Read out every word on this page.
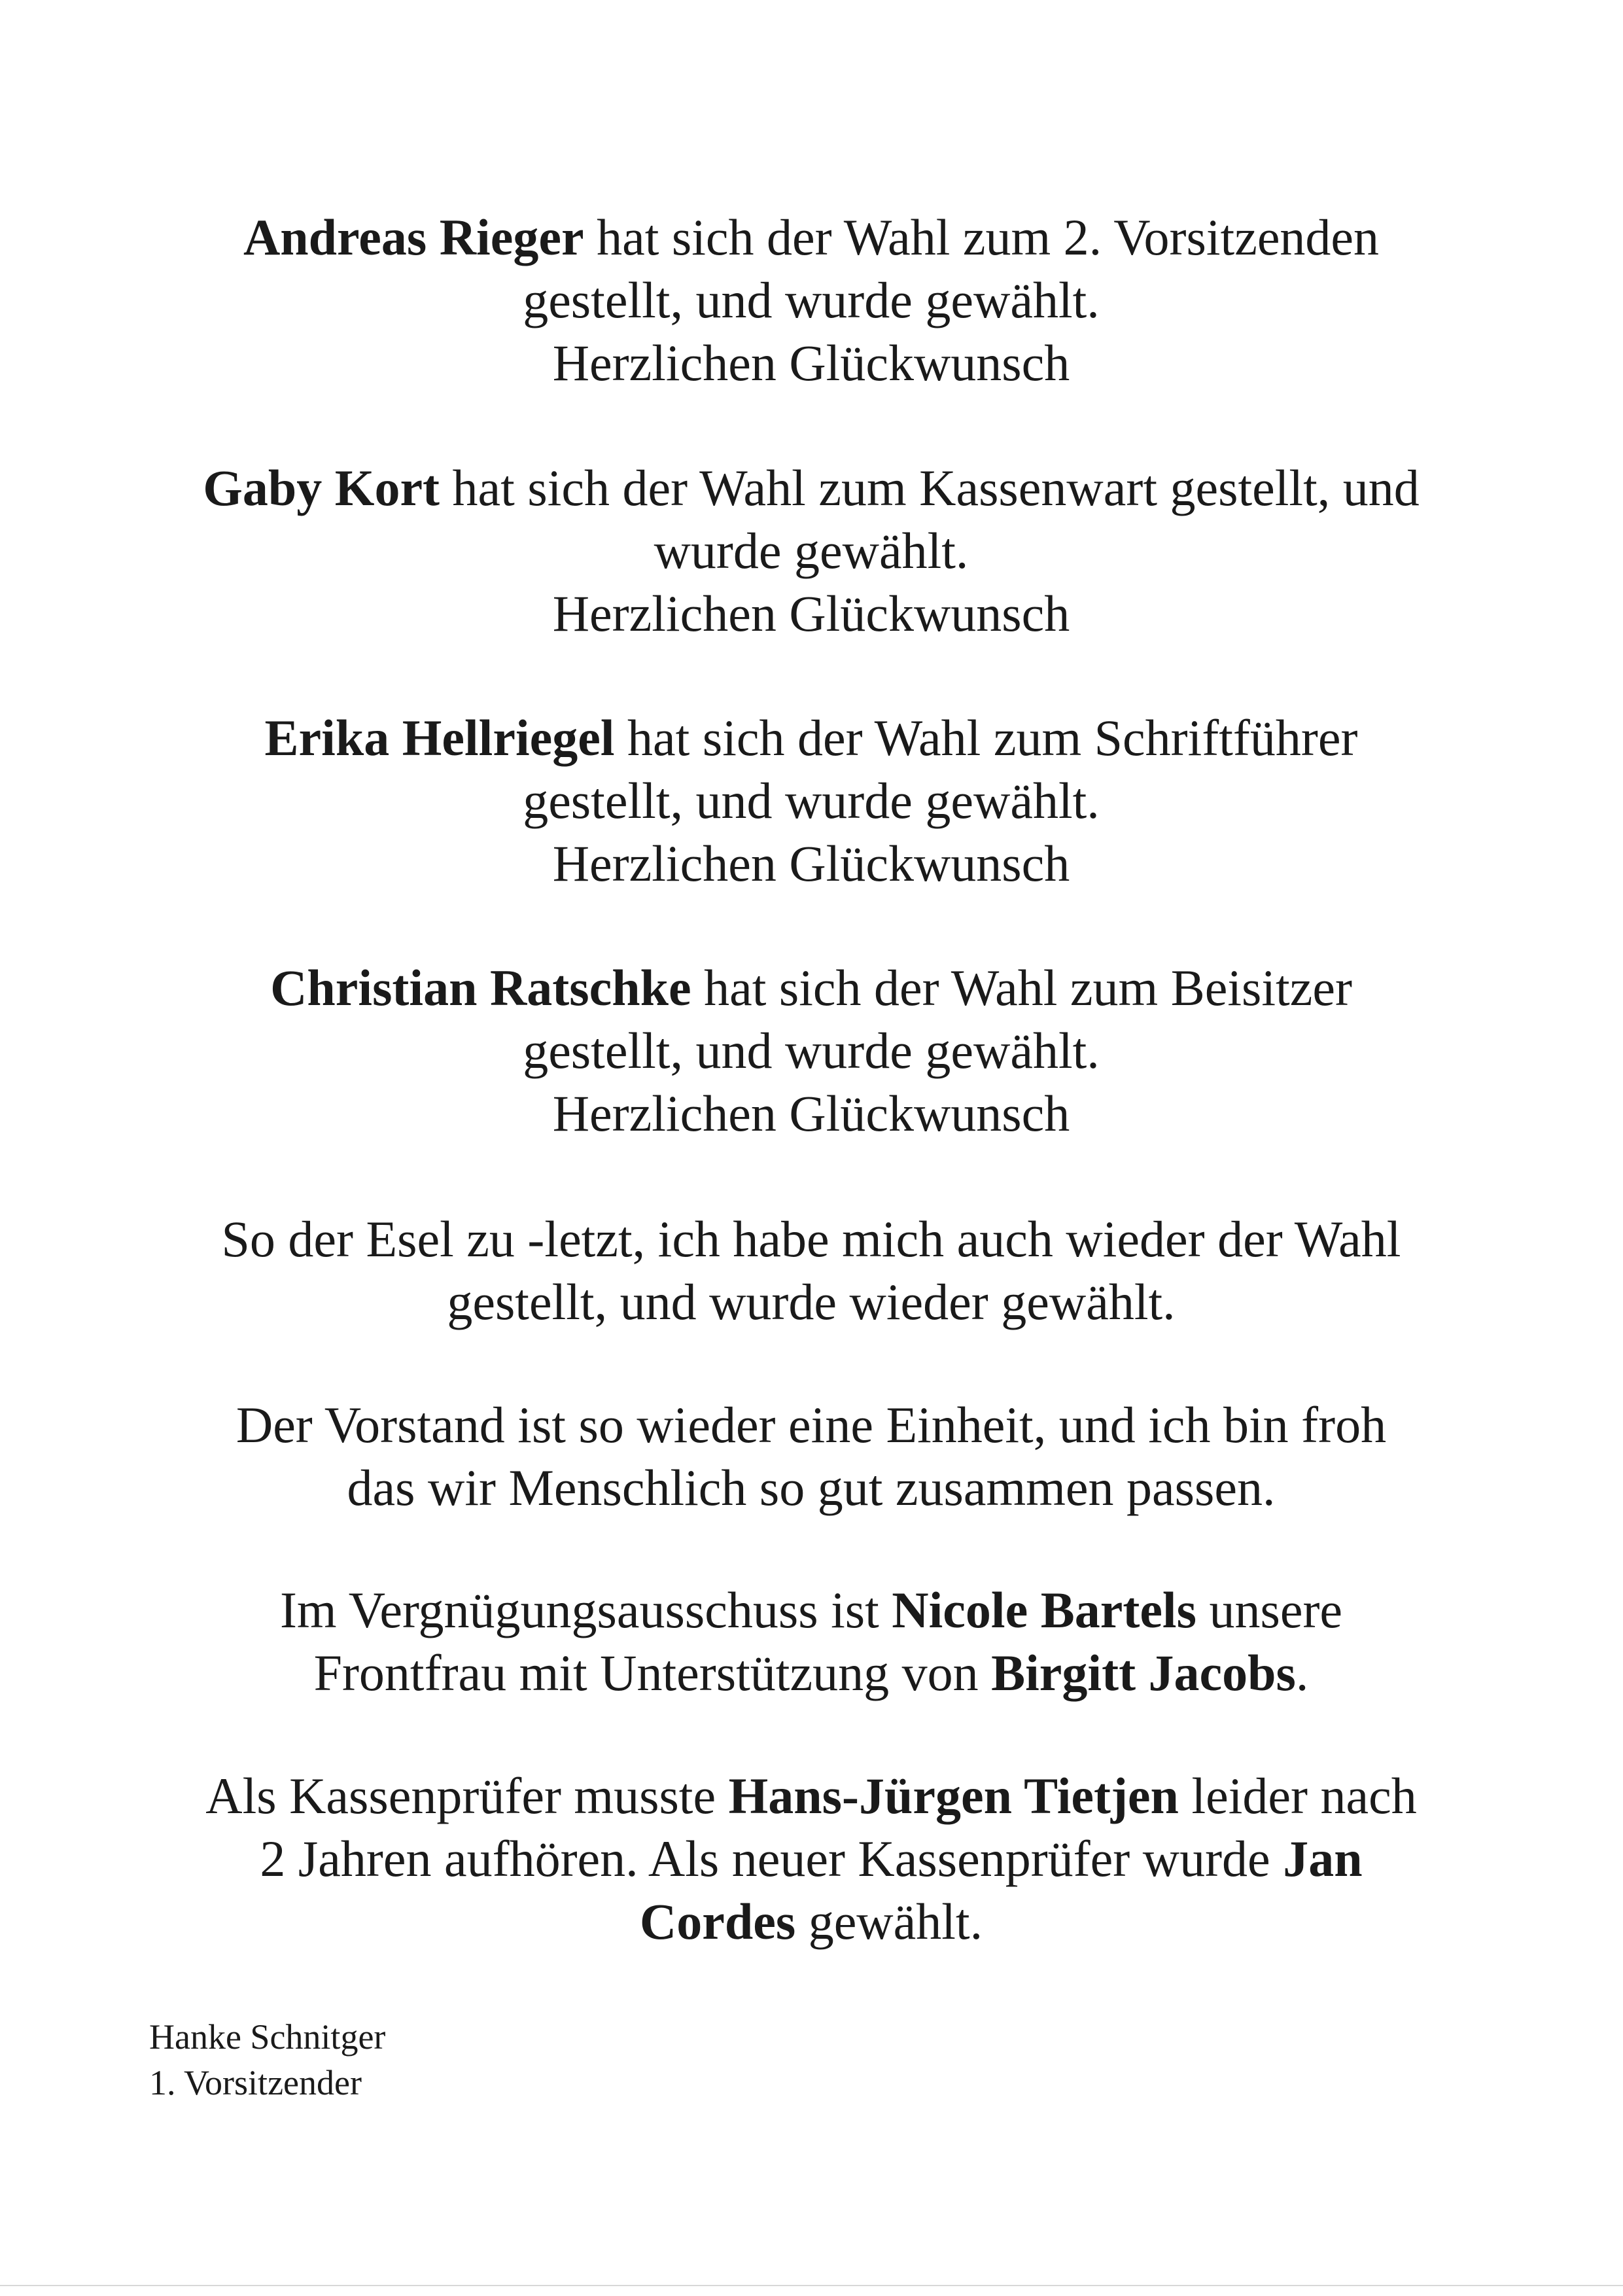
Andreas Rieger hat sich der Wahl zum 2. Vorsitzenden
gestellt, und wurde gewählt.
Herzlichen Glückwunsch
Gaby Kort hat sich der Wahl zum Kassenwart gestellt, und
wurde gewählt.
Herzlichen Glückwunsch
Erika Hellriegel hat sich der Wahl zum Schriftführer
gestellt, und wurde gewählt.
Herzlichen Glückwunsch
Christian Ratschke hat sich der Wahl zum Beisitzer
gestellt, und wurde gewählt.
Herzlichen Glückwunsch
So der Esel zu -letzt, ich habe mich auch wieder der Wahl
gestellt, und wurde wieder gewählt.
Der Vorstand ist so wieder eine Einheit, und ich bin froh
das wir Menschlich so gut zusammen passen.
Im Vergnügungsausschuss ist Nicole Bartels unsere
Frontfrau mit Unterstützung von Birgitt Jacobs.
Als Kassenprüfer musste Hans-Jürgen Tietjen leider nach
2 Jahren aufhören. Als neuer Kassenprüfer wurde Jan
Cordes gewählt.
Hanke Schnitger
1. Vorsitzender
